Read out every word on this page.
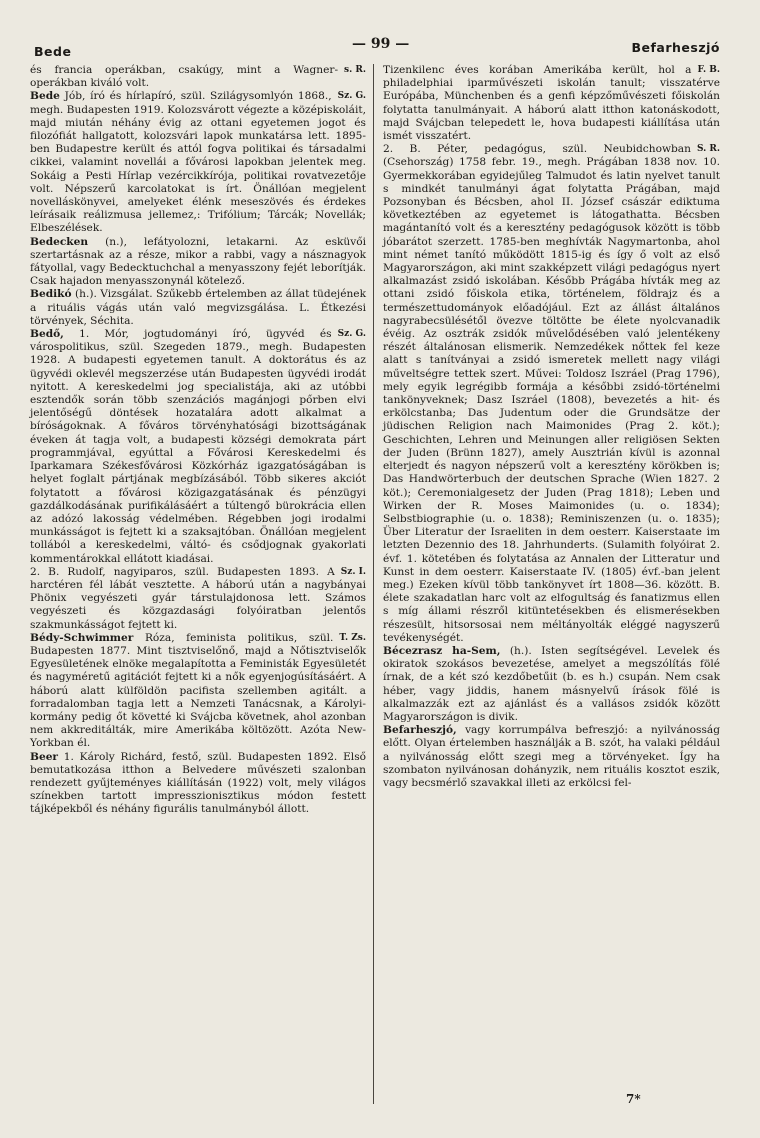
Bede	— 99 —	Befarheszjó

s. R.
és francia operákban, csakúgy, mint a Wagner-operákban kiváló volt.

Sz. G.
Bede Jób, író és hírlapíró, szül. Szilágysomlyón 1868., megh. Budapesten 1919. Kolozsvárott végezte a középiskoláit, majd miután néhány évig az ottani egyetemen jogot és filozófiát hallgatott, kolozsvári lapok munkatársa lett. 1895-ben Budapestre került és attól fogva politikai és társadalmi cikkei, valamint novellái a fővárosi lapokban jelentek meg. Sokáig a Pesti Hírlap vezércikkírója, politikai rovatvezetője volt. Népszerű karcolatokat is írt. Önállóan megjelent novelláskönyvei, amelyeket élénk meseszövés és érdekes leírásaik reálizmusa jellemez,: Trifólium; Tárcák; Novellák; Elbeszélések.

Bedecken (n.), lefátyolozni, letakarni. Az esküvői szertartásnak az a része, mikor a rabbi, vagy a násznagyok fátyollal, vagy Bedecktuchchal a menyasszony fejét leborítják. Csak hajadon menyasszonynál kötelező.

Bedikó (h.). Vizsgálat. Szűkebb értelemben az állat tüdejének a rituális vágás után való megvizsgálása. L. Étkezési törvények, Séchita.

Sz. G.
Bedő, 1. Mór, jogtudományi író, ügyvéd és várospolitikus, szül. Szegeden 1879., megh. Budapesten 1928. A budapesti egyetemen tanult. A doktorátus és az ügyvédi oklevél megszerzése után Budapesten ügyvédi irodát nyitott. A kereskedelmi jog specialistája, aki az utóbbi esztendők során több szenzációs magánjogi pőrben elvi jelentőségű döntések hozatalára adott alkalmat a bíróságoknak. A főváros törvényhatósági bizottságának éveken át tagja volt, a budapesti községi demokrata párt programmjával, egyúttal a Fővárosi Kereskedelmi és Iparkamara Székesfővárosi Közkórház igazgatóságában is helyet foglalt pártjának megbízásából. Több sikeres akciót folytatott a fővárosi közigazgatásának és pénzügyi gazdálkodásának purifikálásáért a túltengő bürokrácia ellen az adózó lakosság védelmében. Régebben jogi irodalmi munkásságot is fejtett ki a szaksajtóban. Önállóan megjelent tollából a kereskedelmi, váltó- és csődjognak gyakorlati kommentárokkal ellátott kiadásai.

Sz. I.
2. B. Rudolf, nagyiparos, szül. Budapesten 1893. A harctéren fél lábát vesztette. A háború után a nagybányai Phönix vegyészeti gyár társtulajdonosa lett. Számos vegyészeti és közgazdasági folyóiratban jelentős szakmunkásságot fejtett ki.

T. Zs.
Bédy-Schwimmer Róza, feminista politikus, szül. Budapesten 1877. Mint tisztviselőnő, majd a Nőtisztviselők Egyesületének elnöke megalapította a Feministák Egyesületét és nagyméretű agitációt fejtett ki a nők egyenjogúsításáért. A háború alatt külföldön pacifista szellemben agitált. a forradalomban tagja lett a Nemzeti Tanácsnak, a Károlyi-kormány pedig őt követté ki Svájcba követnek, ahol azonban nem akkreditálták, mire Amerikába költözött. Azóta New-Yorkban él.

Beer 1. Károly Richárd, festő, szül. Budapesten 1892. Első bemutatkozása itthon a Belvedere művészeti szalonban rendezett gyűjteményes kiállításán (1922) volt, mely világos színekben tartott impresszionisztikus módon festett tájképekből és néhány figurális tanulmányból állott.

F. B.
Tizenkilenc éves korában Amerikába került, hol a philadelphiai iparművészeti iskolán tanult; visszatérve Európába, Münchenben és a genfi képzőművészeti főiskolán folytatta tanulmányait. A háború alatt itthon katonáskodott, majd Svájcban telepedett le, hova budapesti kiállítása után ismét visszatért.

S. R.
2. B. Péter, pedagógus, szül. Neubidchowban (Csehország) 1758 febr. 19., megh. Prágában 1838 nov. 10. Gyermekkorában egyidejűleg Talmudot és latin nyelvet tanult s mindkét tanulmányi ágat folytatta Prágában, majd Pozsonyban és Bécsben, ahol II. József császár ediktuma következtében az egyetemet is látogathatta. Bécsben magántanító volt és a keresztény pedagógusok között is több jóbarátot szerzett. 1785-ben meghívták Nagymartonba, ahol mint német tanító működött 1815-ig és így ő volt az első Magyarországon, aki mint szakképzett világi pedagógus nyert alkalmazást zsidó iskolában. Később Prágába hívták meg az ottani zsidó főiskola etika, történelem, földrajz és a természettudományok előadójául. Ezt az állást általános nagyrabecsülésétől övezve töltötte be élete nyolcvanadik évéig. Az osztrák zsidók művelődésében való jelentékeny részét általánosan elismerik. Nemzedékek nőttek fel keze alatt s tanítványai a zsidó ismeretek mellett nagy világi műveltségre tettek szert. Művei: Toldosz Iszráel (Prag 1796), mely egyik legrégibb formája a későbbi zsidó-történelmi tankönyveknek; Dasz Iszráel (1808), bevezetés a hit- és erkölcstanba; Das Judentum oder die Grundsätze der jüdischen Religion nach Maimonides (Prag 2. köt.); Geschichten, Lehren und Meinungen aller religiösen Sekten der Juden (Brünn 1827), amely Ausztrián kívül is azonnal elterjedt és nagyon népszerű volt a keresztény körökben is; Das Handwörterbuch der deutschen Sprache (Wien 1827. 2 köt.); Ceremonialgesetz der Juden (Prag 1818); Leben und Wirken der R. Moses Maimonides (u. o. 1834); Selbstbiographie (u. o. 1838); Reminiszenzen (u. o. 1835); Über Literatur der Israeliten in dem oesterr. Kaiserstaate im letzten Dezennio des 18. Jahrhunderts. (Sulamith folyóirat 2. évf. 1. kötetében és folytatása az Annalen der Litteratur und Kunst in dem oesterr. Kaiserstaate IV. (1805) évf.-ban jelent meg.) Ezeken kívül több tankönyvet írt 1808—36. között. B. élete szakadatlan harc volt az elfogultság és fanatizmus ellen s míg állami részről kitüntetésekben és elismerésekben részesült, hitsorsosai nem méltányolták eléggé nagyszerű tevékenységét.

Bécezrasz ha-Sem, (h.). Isten segítségével. Levelek és okiratok szokásos bevezetése, amelyet a megszólítás fölé írnak, de a két szó kezdőbetűit (b. es h.) csupán. Nem csak héber, vagy jiddis, hanem másnyelvű írások fölé is alkalmazzák ezt az ajánlást és a vallásos zsidók között Magyarországon is divik.

Befarheszjó, vagy korrumpálva befreszjó: a nyilvánosság előtt. Olyan értelemben használják a B. szót, ha valaki például a nyilvánosság előtt szegi meg a törvényeket. Így ha szombaton nyilvánosan dohányzik, nem rituális kosztot eszik, vagy becsmérlő szavakkal illeti az erkölcsi fel-

7*
